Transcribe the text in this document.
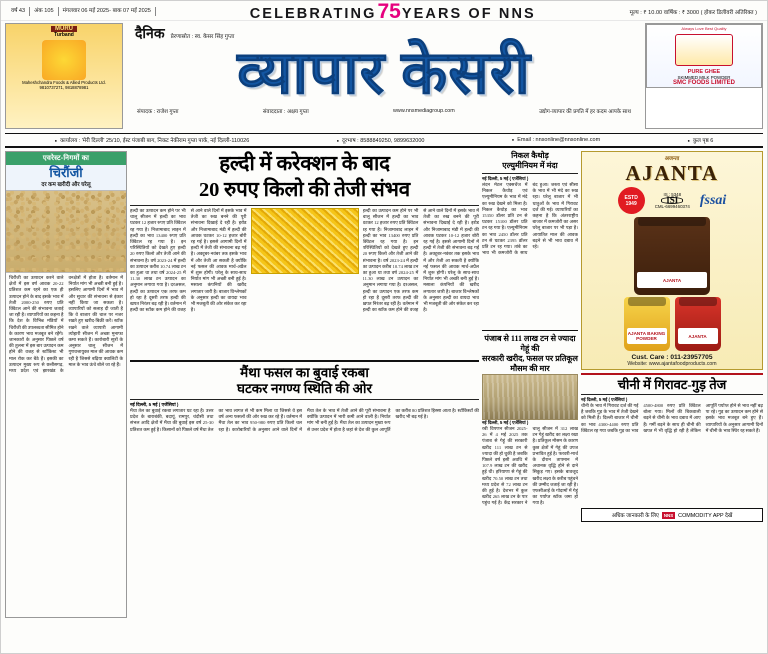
वर्ष 43	अंक 105	मंगलवार 06 मई 2025- बाक 07 मई 2025	CELEBRATING 75 YEARS OF NNS	मूल्य : ₹ 10.00 वार्षिक : ₹ 3000 ( होकर डिलीवरी अतिरिक्त )
MURU
Turband
Maheshchandra Foods & Allied Products Ltd.
9810737271, 9818878981
दैनिक प्रेरणास्रोत : स्व. केसर सिंह गुप्ता
व्यापार केसरी
संपादक : राजेश गुप्ता	संवाददाता : अक्षय गुप्ता	www.nnsmediagroup.com	उद्योग-व्यापार की प्रगति में हर कदम आपके साथ
Always Love Best Quality
PURE GHEE
SKIMMED MILK POWDER
SMC FOODS LIMITED
● कार्यालय : 'मेरी दिल्ली' 25/10, ईस्ट पंजाबी बाग, निकट नेकीराम गुप्ता पार्क, नई दिल्ली-110026	● दूरभाष : 8588849250, 9899632000	● Email : nnsonline@nnsonline.com	● कुल पृष्ठ 6
एवरेस्ट-निगमों का
चिरौंजी
दर कम खरीदी और घरेलू
चिरौंजी का उत्पादन करने वाले क्षेत्रों में इस वर्ष आवक 20-22 प्रतिशत कम रहने का एक ही उत्पादन होने के बाद इसके भाव में तेजी 2000-250 रुपए प्रति क्विंटल आने की संभावना जताई जा रही है। व्यापारियों का कहना है कि देश के विभिन्न मंडियों में चिरौंजी की उपलब्धता सीमित होने के कारण भाव मजबूत बने रहेंगे। जानकारों के अनुसार पिछले वर्ष की तुलना में इस बार उत्पादन कम होने की वजह से स्टॉकिस्ट भी माल रोक कर बैठे हैं। इसकी का उत्पादन मुख्य रूप से छत्तीसगढ़, मध्य प्रदेश एवं झारखंड के वनक्षेत्रों में होता है। वर्तमान में निर्यात मांग भी अच्छी बनी हुई है। इसलिए आगामी दिनों में भाव में और सुधार की संभावना से इंकार नहीं किया जा सकता है। व्यापारियों को सलाह दी जाती है कि वे बाजार की चाल पर नजर रखते हुए खरीद-बिक्री करें। स्टॉक रखने वाले व्यापारी आगामी त्योहारी सीजन में अच्छा मुनाफा कमा सकते हैं। कारोबारी सूत्रों के अनुसार चालू सीजन में गुणवत्तायुक्त माल की आवक कम रही है जिससे बढ़िया क्वालिटी के माल के भाव ऊंचे बोले जा रहे हैं।
हल्दी में करेक्शन के बाद
20 रुपए किलो की तेजी संभव
हल्दी का उत्पादन कम होने पर भी चालू सीजन में हल्दी का भाव घटकर 12 हजार रुपए प्रति क्विंटल रह गया है। निजामाबाद लाइन में हल्दी का भाव 13400 रुपए प्रति क्विंटल रह गया है। इन परिस्थितियों को देखते हुए हल्दी 20 रुपए किलो और तेजी आने की संभावना है। वर्ष 2023-24 में हल्दी का उत्पादन करीब 10.74 लाख टन का हुआ था तथा वर्ष 2024-25 में 11.30 लाख टन उत्पादन का अनुमान लगाया गया है। दरअसल, हल्दी का उत्पादन एक तरफ कम हो रहा है दूसरी तरफ हल्दी की खपत निरंतर बढ़ रही है। वर्तमान में हल्दी का स्टॉक कम होने की वजह से आने वाले दिनों में इसके भाव में तेजी का रुख बनने की पूरी संभावना दिखाई दे रही है। इरोड और निजामाबाद मंडी में हल्दी की आवक घटकर 10-12 हजार बोरी रह गई है। इससे आगामी दिनों में हल्दी में तेजी की संभावना बढ़ गई है। अक्टूबर-नवंबर तक इसके भाव में और तेजी आ सकती है क्योंकि नई फसल की आवक मार्च-अप्रैल में शुरू होगी। घरेलू के साथ-साथ निर्यात मांग भी अच्छी बनी हुई है। मसाला कंपनियों की खरीद लगातार जारी है। बाजार विश्लेषकों के अनुसार हल्दी का वायदा भाव भी मजबूती की ओर संकेत कर रहा है।
हल्दी का उत्पादन कम होने पर भी चालू सीजन में हल्दी का भाव घटकर 12 हजार रुपए प्रति क्विंटल रह गया है। निजामाबाद लाइन में हल्दी का भाव 13400 रुपए प्रति क्विंटल रह गया है। इन परिस्थितियों को देखते हुए हल्दी 20 रुपए किलो और तेजी आने की संभावना है। वर्ष 2023-24 में हल्दी का उत्पादन करीब 10.74 लाख टन का हुआ था तथा वर्ष 2024-25 में 11.30 लाख टन उत्पादन का अनुमान लगाया गया है। दरअसल, हल्दी का उत्पादन एक तरफ कम हो रहा है दूसरी तरफ हल्दी की खपत निरंतर बढ़ रही है। वर्तमान में हल्दी का स्टॉक कम होने की वजह से आने वाले दिनों में इसके भाव में तेजी का रुख बनने की पूरी संभावना दिखाई दे रही है। इरोड और निजामाबाद मंडी में हल्दी की आवक घटकर 10-12 हजार बोरी रह गई है। इससे आगामी दिनों में हल्दी में तेजी की संभावना बढ़ गई है। अक्टूबर-नवंबर तक इसके भाव में और तेजी आ सकती है क्योंकि नई फसल की आवक मार्च-अप्रैल में शुरू होगी। घरेलू के साथ-साथ निर्यात मांग भी अच्छी बनी हुई है। मसाला कंपनियों की खरीद लगातार जारी है। बाजार विश्लेषकों के अनुसार हल्दी का वायदा भाव भी मजबूती की ओर संकेत कर रहा है।
मैंथा फसल का बुवाई रकबा
घटकर नगण्य स्थिति की ओर
नई दिल्ली, 5 मई ( एजेंसियां )
मैंथा तेल का बुवाई रकबा लगातार घट रहा है। उत्तर प्रदेश के बाराबंकी, बदायूं, रामपुर, चंदौसी तथा संभल आदि क्षेत्रों में मैंथा की बुवाई इस वर्ष 25-30 प्रतिशत कम हुई है। किसानों को पिछले वर्ष मैंथा तेल का भाव लागत से भी कम मिला था जिससे वे इस वर्ष अन्य फसलों की ओर रुख कर रहे हैं। वर्तमान में मैंथा तेल का भाव 950-980 रुपए प्रति किलो चल रहा है। कारोबारियों के अनुसार आने वाले दिनों में मैंथा तेल के भाव में तेजी आने की पूरी संभावना है क्योंकि उत्पादन में भारी कमी आने वाली है। निर्यात मांग भी बनी हुई है। मैंथा तेल का उत्पादन मुख्य रूप से उत्तर प्रदेश में होता है जहां से देश की कुल आपूर्ति का करीब 80 प्रतिशत हिस्सा आता है। स्टॉकिस्टों की खरीद भी बढ़ गई है।
निकल कैथोड़
एल्युमीनियम में मंदा
नई दिल्ली, 5 मई ( एजेंसियां )
लंदन मेटल एक्सचेंज में निकल कैथोड़ एवं एल्युमीनियम के भाव में मंदे का रुख देखने को मिला है। निकल कैथोड़ का भाव 15350 डॉलर प्रति टन से घटकर 15100 डॉलर प्रति टन रह गया है। एल्युमीनियम का भाव 2450 डॉलर प्रति टन से घटकर 2395 डॉलर प्रति टन रह गया। तांबे का भाव भी कमजोरी के साथ बंद हुआ। जस्ता एवं सीसा के भाव में भी मंदे का रुख रहा। घरेलू बाजार में भी धातुओं के भाव में गिरावट दर्ज की गई। व्यापारियों का कहना है कि अंतरराष्ट्रीय बाजार में कमजोरी का असर घरेलू बाजार पर भी पड़ा है। आयातित माल की आवक बढ़ने से भी भाव दबाव में रहे।
पंजाब से 111 लाख टन से ज्यादा गेहूं की
सरकारी खरीद, फसल पर प्रतिकूल मौसम की मार
नई दिल्ली, 5 मई ( एजेंसियां )
रबी विपणन सीजन 2025-26 में 4 मई 2025 तक पंजाब से गेहूं की सरकारी खरीद 111 लाख टन से ज्यादा की हो चुकी है जबकि पिछले वर्ष इसी अवधि में 107.9 लाख टन की खरीद हुई थी। हरियाणा से गेहूं की खरीद 70.50 लाख टन तथा मध्य प्रदेश से 72 लाख टन की हुई है। देशभर में कुल खरीद 265 लाख टन के पार पहुंच गई है। केंद्र सरकार ने चालू सीजन में 312 लाख टन गेहूं खरीद का लक्ष्य रखा है। प्रतिकूल मौसम के कारण कुछ क्षेत्रों में गेहूं की उपज प्रभावित हुई है। फरवरी-मार्च के दौरान तापमान में अचानक वृद्धि होने से दाने सिकुड़ गए। इसके बावजूद खरीद लक्ष्य के करीब पहुंचने की उम्मीद जताई जा रही है। एफसीआई के गोदामों में गेहूं का पर्याप्त स्टॉक जमा हो गया है।
अजन्ता
AJANTA
ESTD
1949
IS : 5348
ISI
CML-6699460374 fssai
AJANTA
AJANTA BAKING POWDER	AJANTA
Cust. Care : 011-23957705
Website: www.ajantafoodproducts.com
चीनी में गिरावट-गुड़ तेज
नई दिल्ली, 5 मई ( एजेंसियां )
चीनी के भाव में गिरावट दर्ज की गई है जबकि गुड़ के भाव में तेजी देखने को मिली है। दिल्ली बाजार में चीनी का भाव 4300-4400 रुपए प्रति क्विंटल रह गया जबकि गुड़ का भाव 4500-4800 रुपए प्रति क्विंटल बोला गया। मिलों की बिकवाली बढ़ने से चीनी के भाव दबाव में आए हैं। गर्मी बढ़ने के साथ ही चीनी की खपत में भी वृद्धि हो रही है लेकिन आपूर्ति पर्याप्त होने से भाव नहीं बढ़ पा रहे। गुड़ का उत्पादन कम होने से इसके भाव मजबूत बने हुए हैं। व्यापारियों के अनुसार आगामी दिनों में चीनी के भाव स्थिर रह सकते हैं।
अधिक जानकारी के लिए	NNS COMMODITY APP देखें
